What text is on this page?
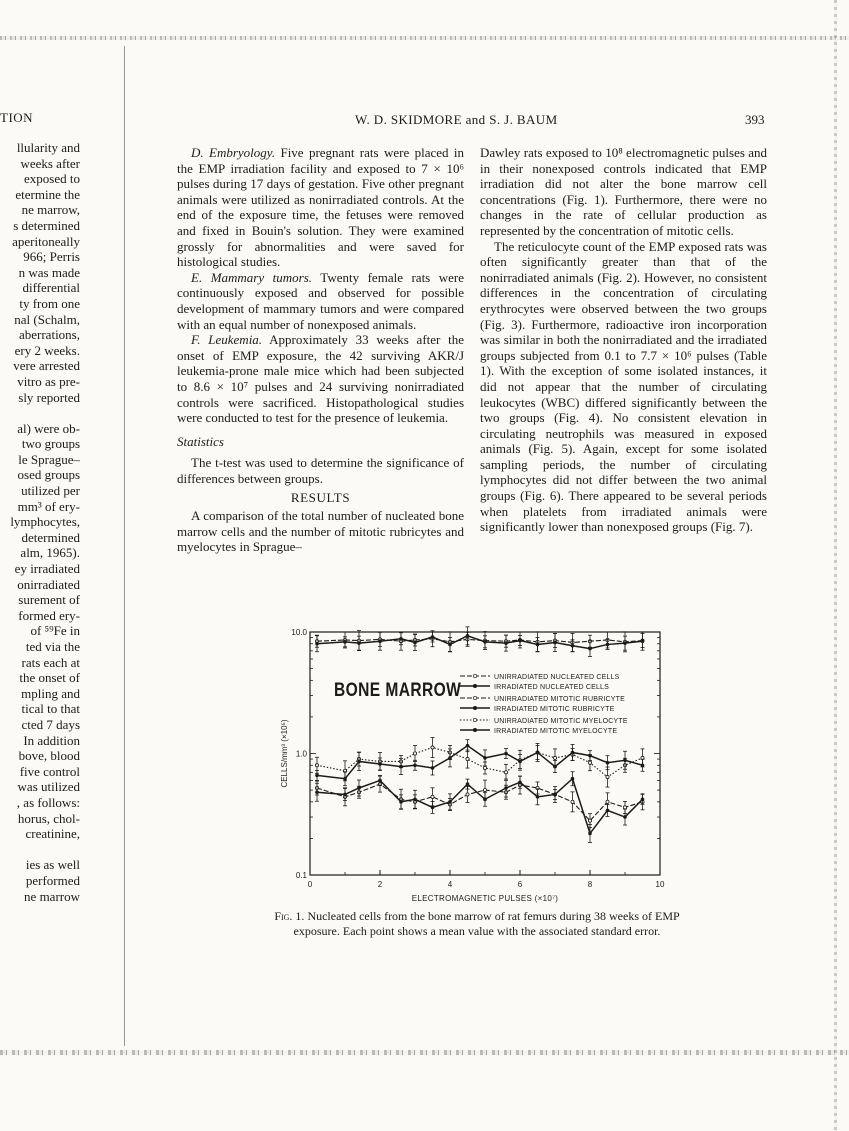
TION
llularity and
weeks after
exposed to
etermine the
ne marrow,
s determined
aperitoneally
966; Perris
n was made
differential
ty from one
nal (Schalm,
aberrations,
ery 2 weeks.
vere arrested
vitro as pre-
sly reported

al) were ob-
two groups
le Sprague–
osed groups
utilized per
mm³ of ery-
lymphocytes,
determined
alm, 1965).
ey irradiated
onirradiated
surement of
formed ery-
of ⁵⁹Fe in
ted via the
rats each at
the onset of
mpling and
tical to that
cted 7 days
In addition
bove, blood
five control
was utilized
, as follows:
horus, chol-
creatinine,

ies as well
performed
ne marrow
W. D. SKIDMORE and S. J. BAUM	393

D. Embryology. Five pregnant rats were placed in the EMP irradiation facility and exposed to 7 × 10⁶ pulses during 17 days of gestation. Five other pregnant animals were utilized as nonirradiated controls. At the end of the exposure time, the fetuses were removed and fixed in Bouin's solution. They were examined grossly for abnormalities and were saved for histological studies.

E. Mammary tumors. Twenty female rats were continuously exposed and observed for possible development of mammary tumors and were compared with an equal number of nonexposed animals.

F. Leukemia. Approximately 33 weeks after the onset of EMP exposure, the 42 surviving AKR/J leukemia-prone male mice which had been subjected to 8.6 × 10⁷ pulses and 24 surviving nonirradiated controls were sacrificed. Histopathological studies were conducted to test for the presence of leukemia.

Statistics

The t-test was used to determine the significance of differences between groups.

RESULTS

A comparison of the total number of nucleated bone marrow cells and the number of mitotic rubricytes and myelocytes in Sprague–

Dawley rats exposed to 10⁸ electromagnetic pulses and in their nonexposed controls indicated that EMP irradiation did not alter the bone marrow cell concentrations (Fig. 1). Furthermore, there were no changes in the rate of cellular production as represented by the concentration of mitotic cells.

The reticulocyte count of the EMP exposed rats was often significantly greater than that of the nonirradiated animals (Fig. 2). However, no consistent differences in the concentration of circulating erythrocytes were observed between the two groups (Fig. 3). Furthermore, radioactive iron incorporation was similar in both the nonirradiated and the irradiated groups subjected from 0.1 to 7.7 × 10⁶ pulses (Table 1). With the exception of some isolated instances, it did not appear that the number of circulating leukocytes (WBC) differed significantly between the two groups (Fig. 4). No consistent elevation in circulating neutrophils was measured in exposed animals (Fig. 5). Again, except for some isolated sampling periods, the number of circulating lymphocytes did not differ between the two animal groups (Fig. 6). There appeared to be several periods when platelets from irradiated animals were significantly lower than nonexposed groups (Fig. 7).

0	2	4	6	8	10
0.1
1.0
10.0
ELECTROMAGNETIC PULSES (×10⁷)
CELLS/mm³ (×10⁵)
BONE MARROW
UNIRRADIATED NUCLEATED CELLS
IRRADIATED NUCLEATED CELLS
UNIRRADIATED MITOTIC RUBRICYTE
IRRADIATED MITOTIC RUBRICYTE
UNIRRADIATED MITOTIC MYELOCYTE
IRRADIATED MITOTIC MYELOCYTE
Fig. 1. Nucleated cells from the bone marrow of rat femurs during 38 weeks of EMP exposure. Each point shows a mean value with the associated standard error.
